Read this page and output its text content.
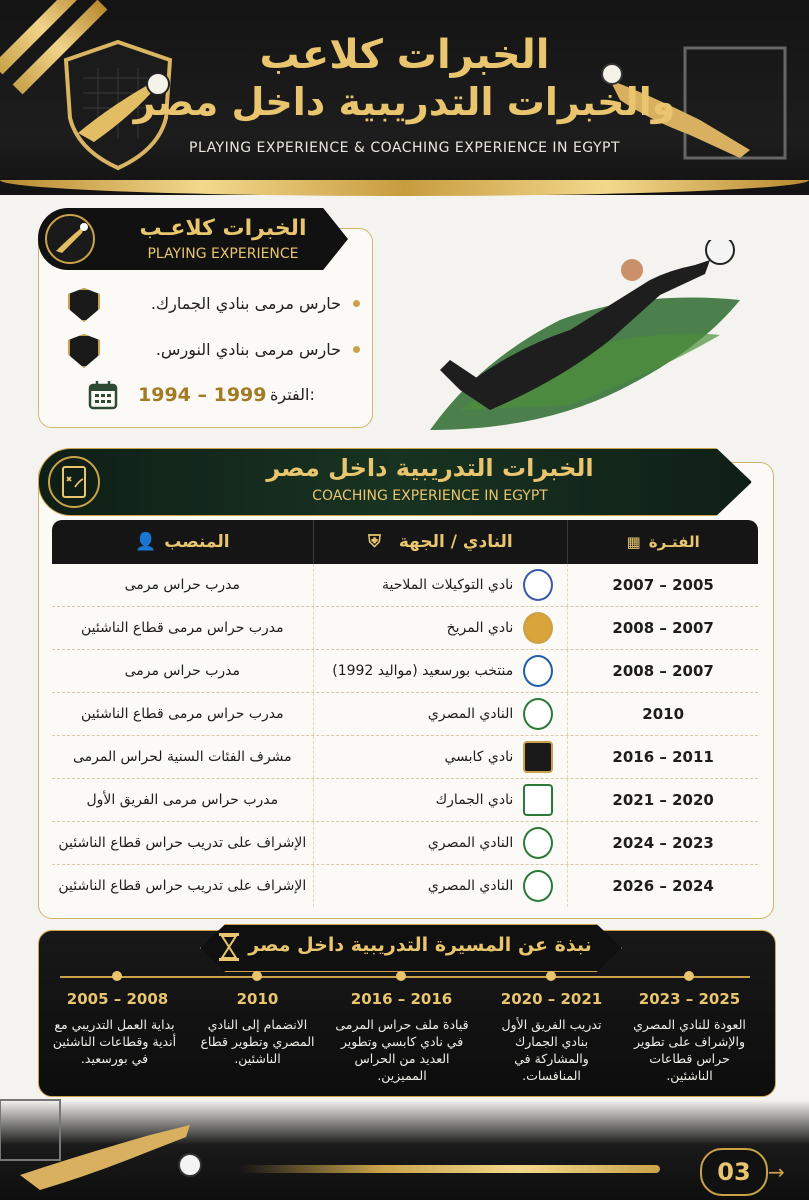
الخبرات كلاعب
والخبرات التدريبية داخل مصر
PLAYING EXPERIENCE & COACHING EXPERIENCE IN EGYPT
الخبرات كلاعـب
PLAYING EXPERIENCE
حارس مرمى بنادي الجمارك.
حارس مرمى بنادي النورس.
الفترة:
1994 – 1999
الخبرات التدريبية داخل مصر
COACHING EXPERIENCE IN EGYPT
الفتـرة
▦
النادي / الجهة
⛨
المنصب
👤
2005 – 2007
نادي التوكيلات الملاحية
مدرب حراس مرمى
2007 – 2008
نادي المريخ
مدرب حراس مرمى قطاع الناشئين
2007 – 2008
منتخب بورسعيد (مواليد 1992)
مدرب حراس مرمى
2010
النادي المصري
مدرب حراس مرمى قطاع الناشئين
2011 – 2016
نادي كابسي
مشرف الفئات السنية لحراس المرمى
2020 – 2021
نادي الجمارك
مدرب حراس مرمى الفريق الأول
2023 – 2024
النادي المصري
الإشراف على تدريب حراس قطاع الناشئين
2024 – 2026
النادي المصري
الإشراف على تدريب حراس قطاع الناشئين
نبذة عن المسيرة التدريبية داخل مصر
2023 – 2025
العودة للنادي المصري والإشراف على تطوير حراس قطاعات الناشئين.
2020 – 2021
تدريب الفريق الأول بنادي الجمارك والمشاركة في المنافسات.
2016 – 2016
قيادة ملف حراس المرمى في نادي كابسي وتطوير العديد من الحراس المميزين.
2010
الانضمام إلى النادي المصري وتطوير قطاع الناشئين.
2005 – 2008
بداية العمل التدريبي مع أندية وقطاعات الناشئين في بورسعيد.
03 →
